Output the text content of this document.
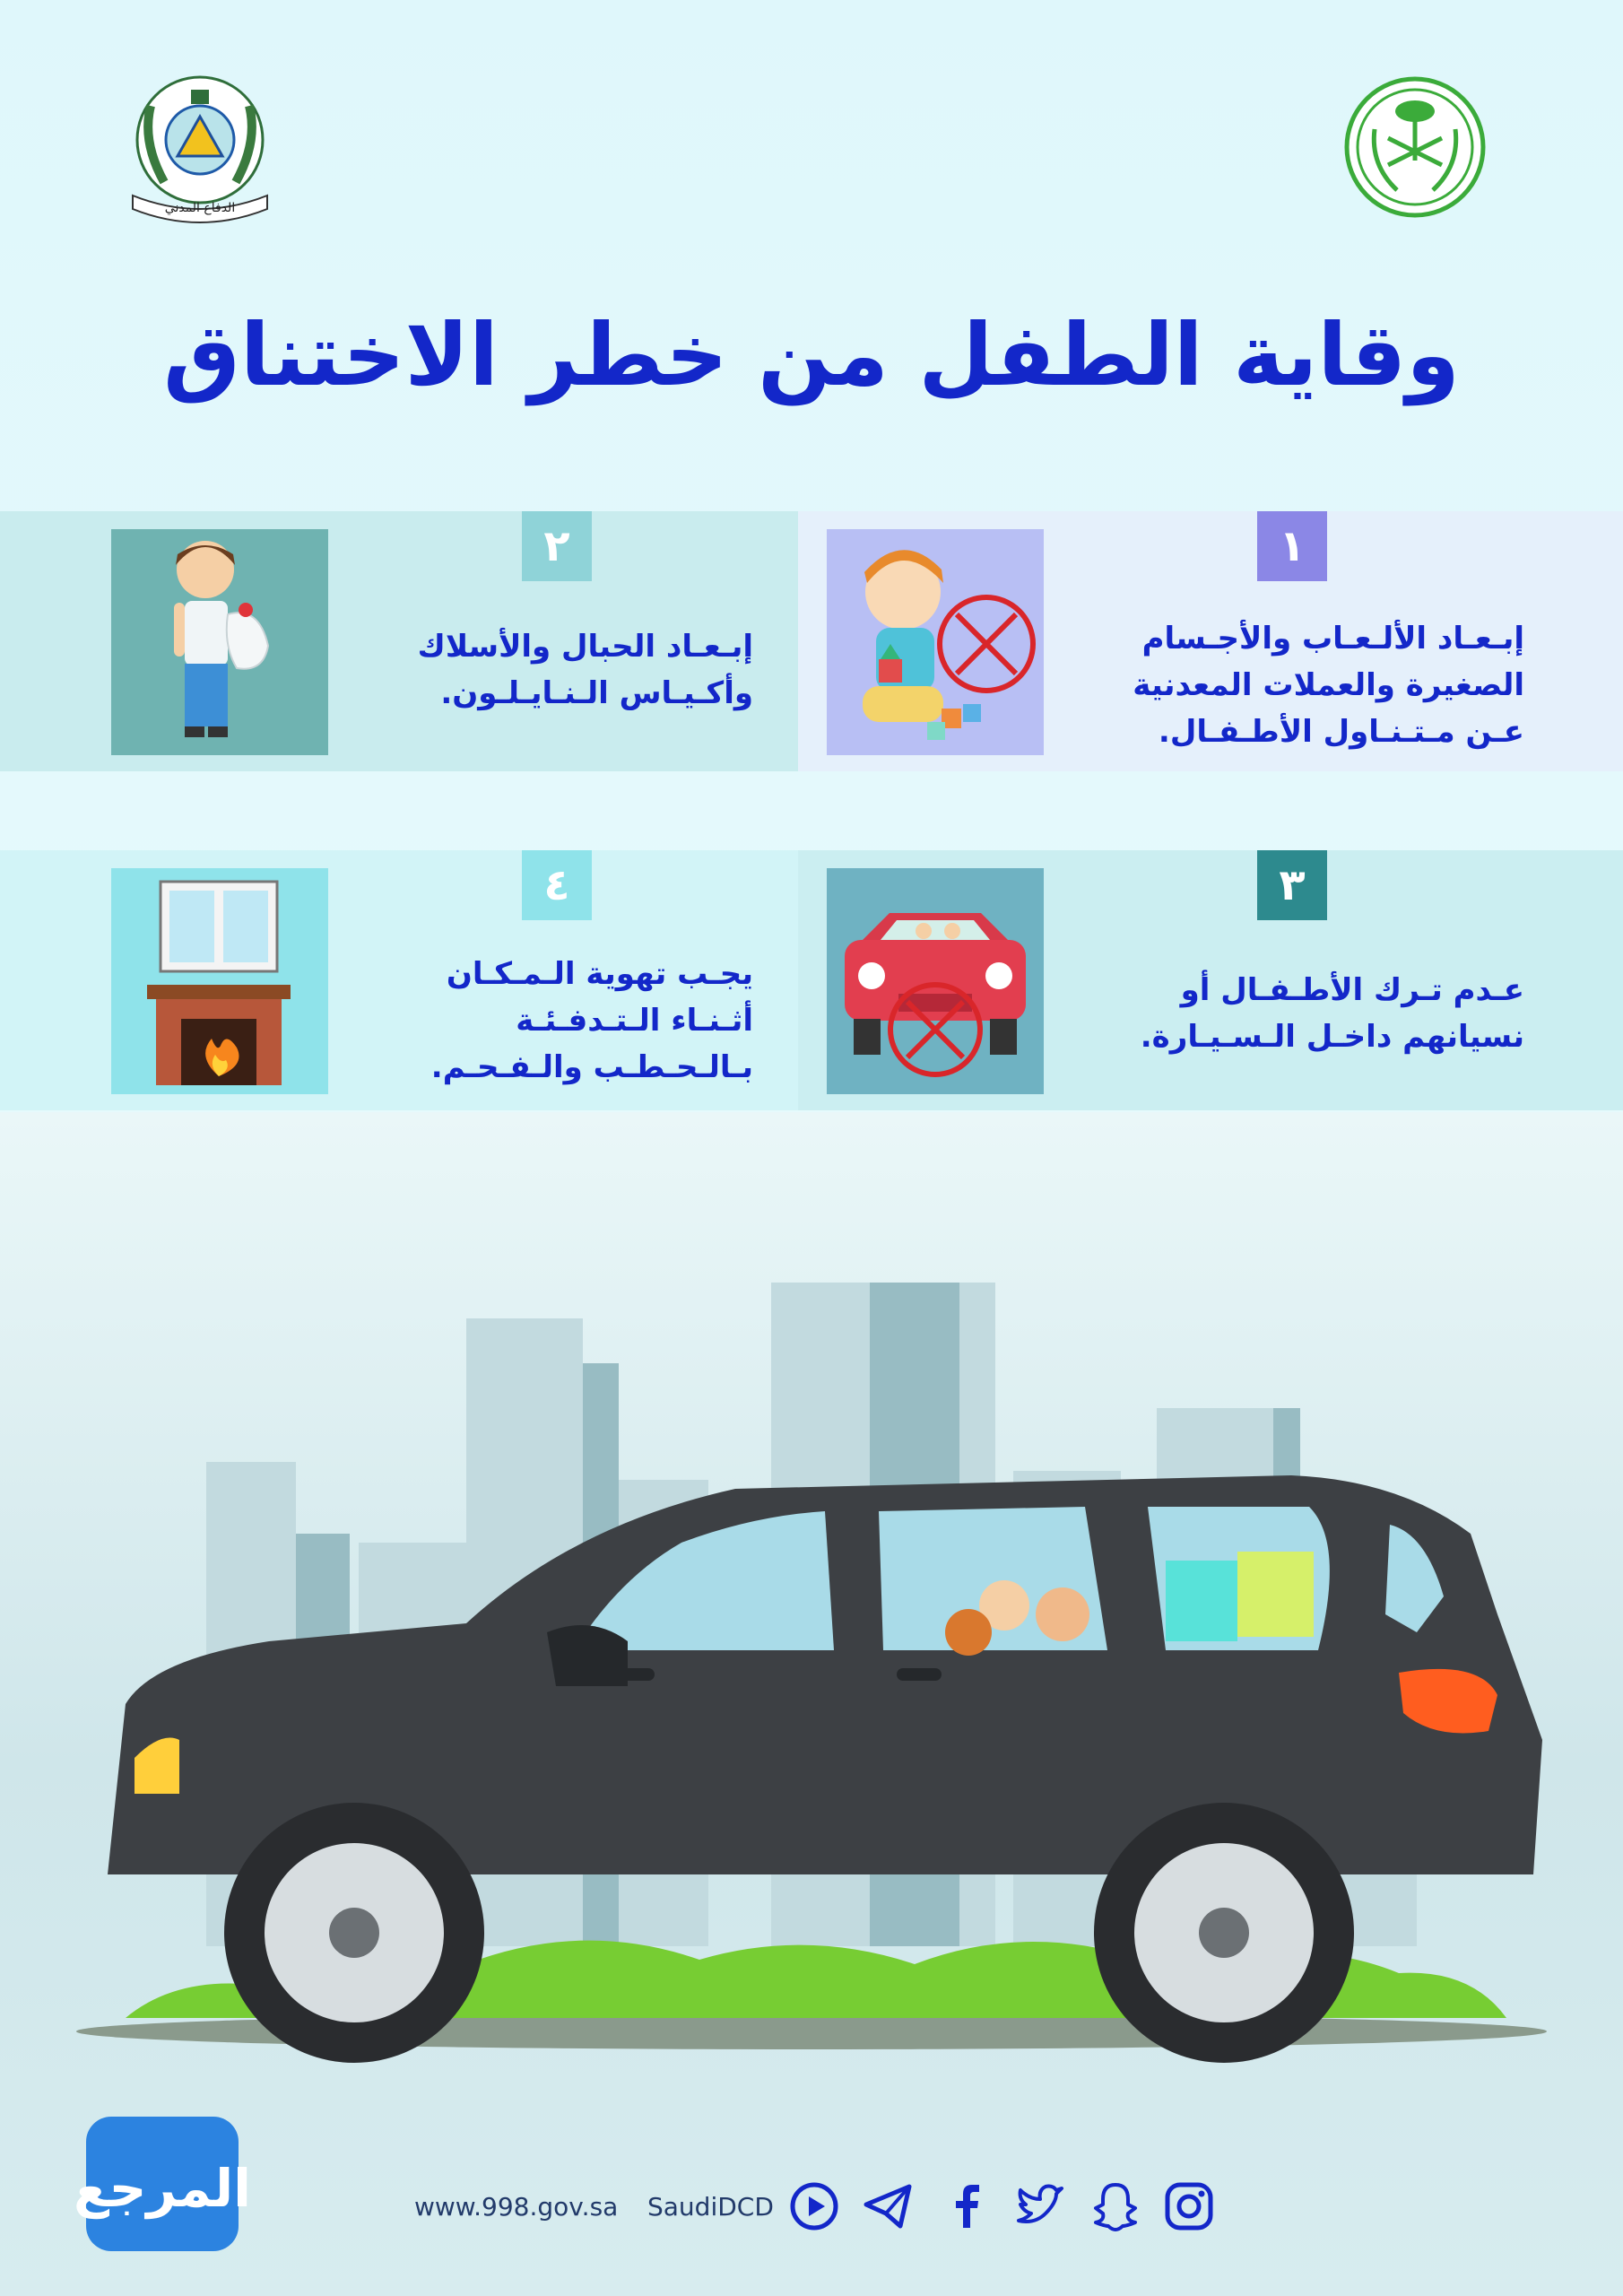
الدفاع المدني
وقاية الطفل من خطر الاختناق
١
٢
٣
٤
إبـعـاد الألـعـاب والأجـسام
الصغيرة والعملات المعدنية
عـن مـتـنـاول الأطـفـال.
إبـعـاد الحبال والأسلاك
وأكـيـاس الـنـايـلـون.
عـدم تـرك الأطـفـال أو
نسيانهم داخـل الـسـيـارة.
يجـب تهوية الـمـكـان
أثـنـاء الـتـدفـئـة
بـالـحـطـب والـفـحـم.
المرجع	www.998.gov.sa SaudiDCD
